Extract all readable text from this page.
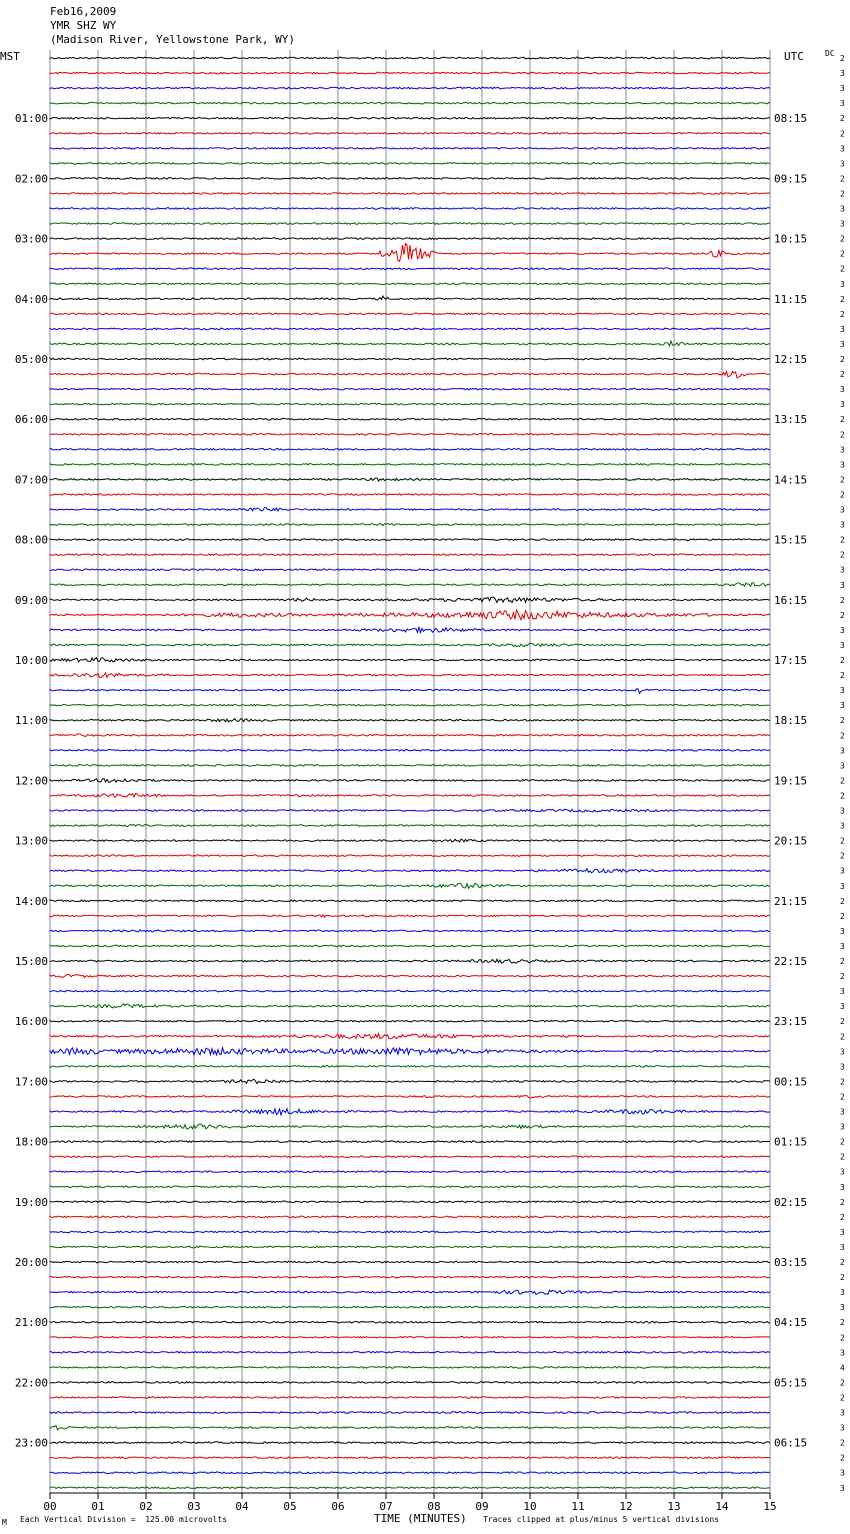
Feb16,2009
YMR SHZ WY
(Madison River, Yellowstone Park, WY)
MST	UTC	DC
2
3
3
3
2
2
3
3
2
2
3
3
2
2
2
3
2
2
3
3
2
2
3
3
2
2
3
3
2
2
3
3
2
2
3
3
2
2
3
3
2
2
3
3
2
2
3
3
2
2
3
3
2
2
3
3
2
2
3
3
2
2
3
3
2
2
3
3
2
2
3
3
2
2
3
3
2
2
3
3
2
2
3
3
2
2
3
4
2
2
3
3
2
2
3
3
01:00
02:00
03:00
04:00
05:00
06:00
07:00
08:00
09:00
10:00
11:00
12:00
13:00
14:00
15:00
16:00
17:00
18:00
19:00
20:00
21:00
22:00
23:00
08:15
09:15
10:15
11:15
12:15
13:15
14:15
15:15
16:15
17:15
18:15
19:15
20:15
21:15
22:15
23:15
00:15
01:15
02:15
03:15
04:15
05:15
06:15
00	01	02	03	04	05	06	07	08	09	10	11	12	13	14	15
TIME (MINUTES)
Each Vertical Division =  125.00 microvolts	Traces clipped at plus/minus 5 vertical divisions
M
